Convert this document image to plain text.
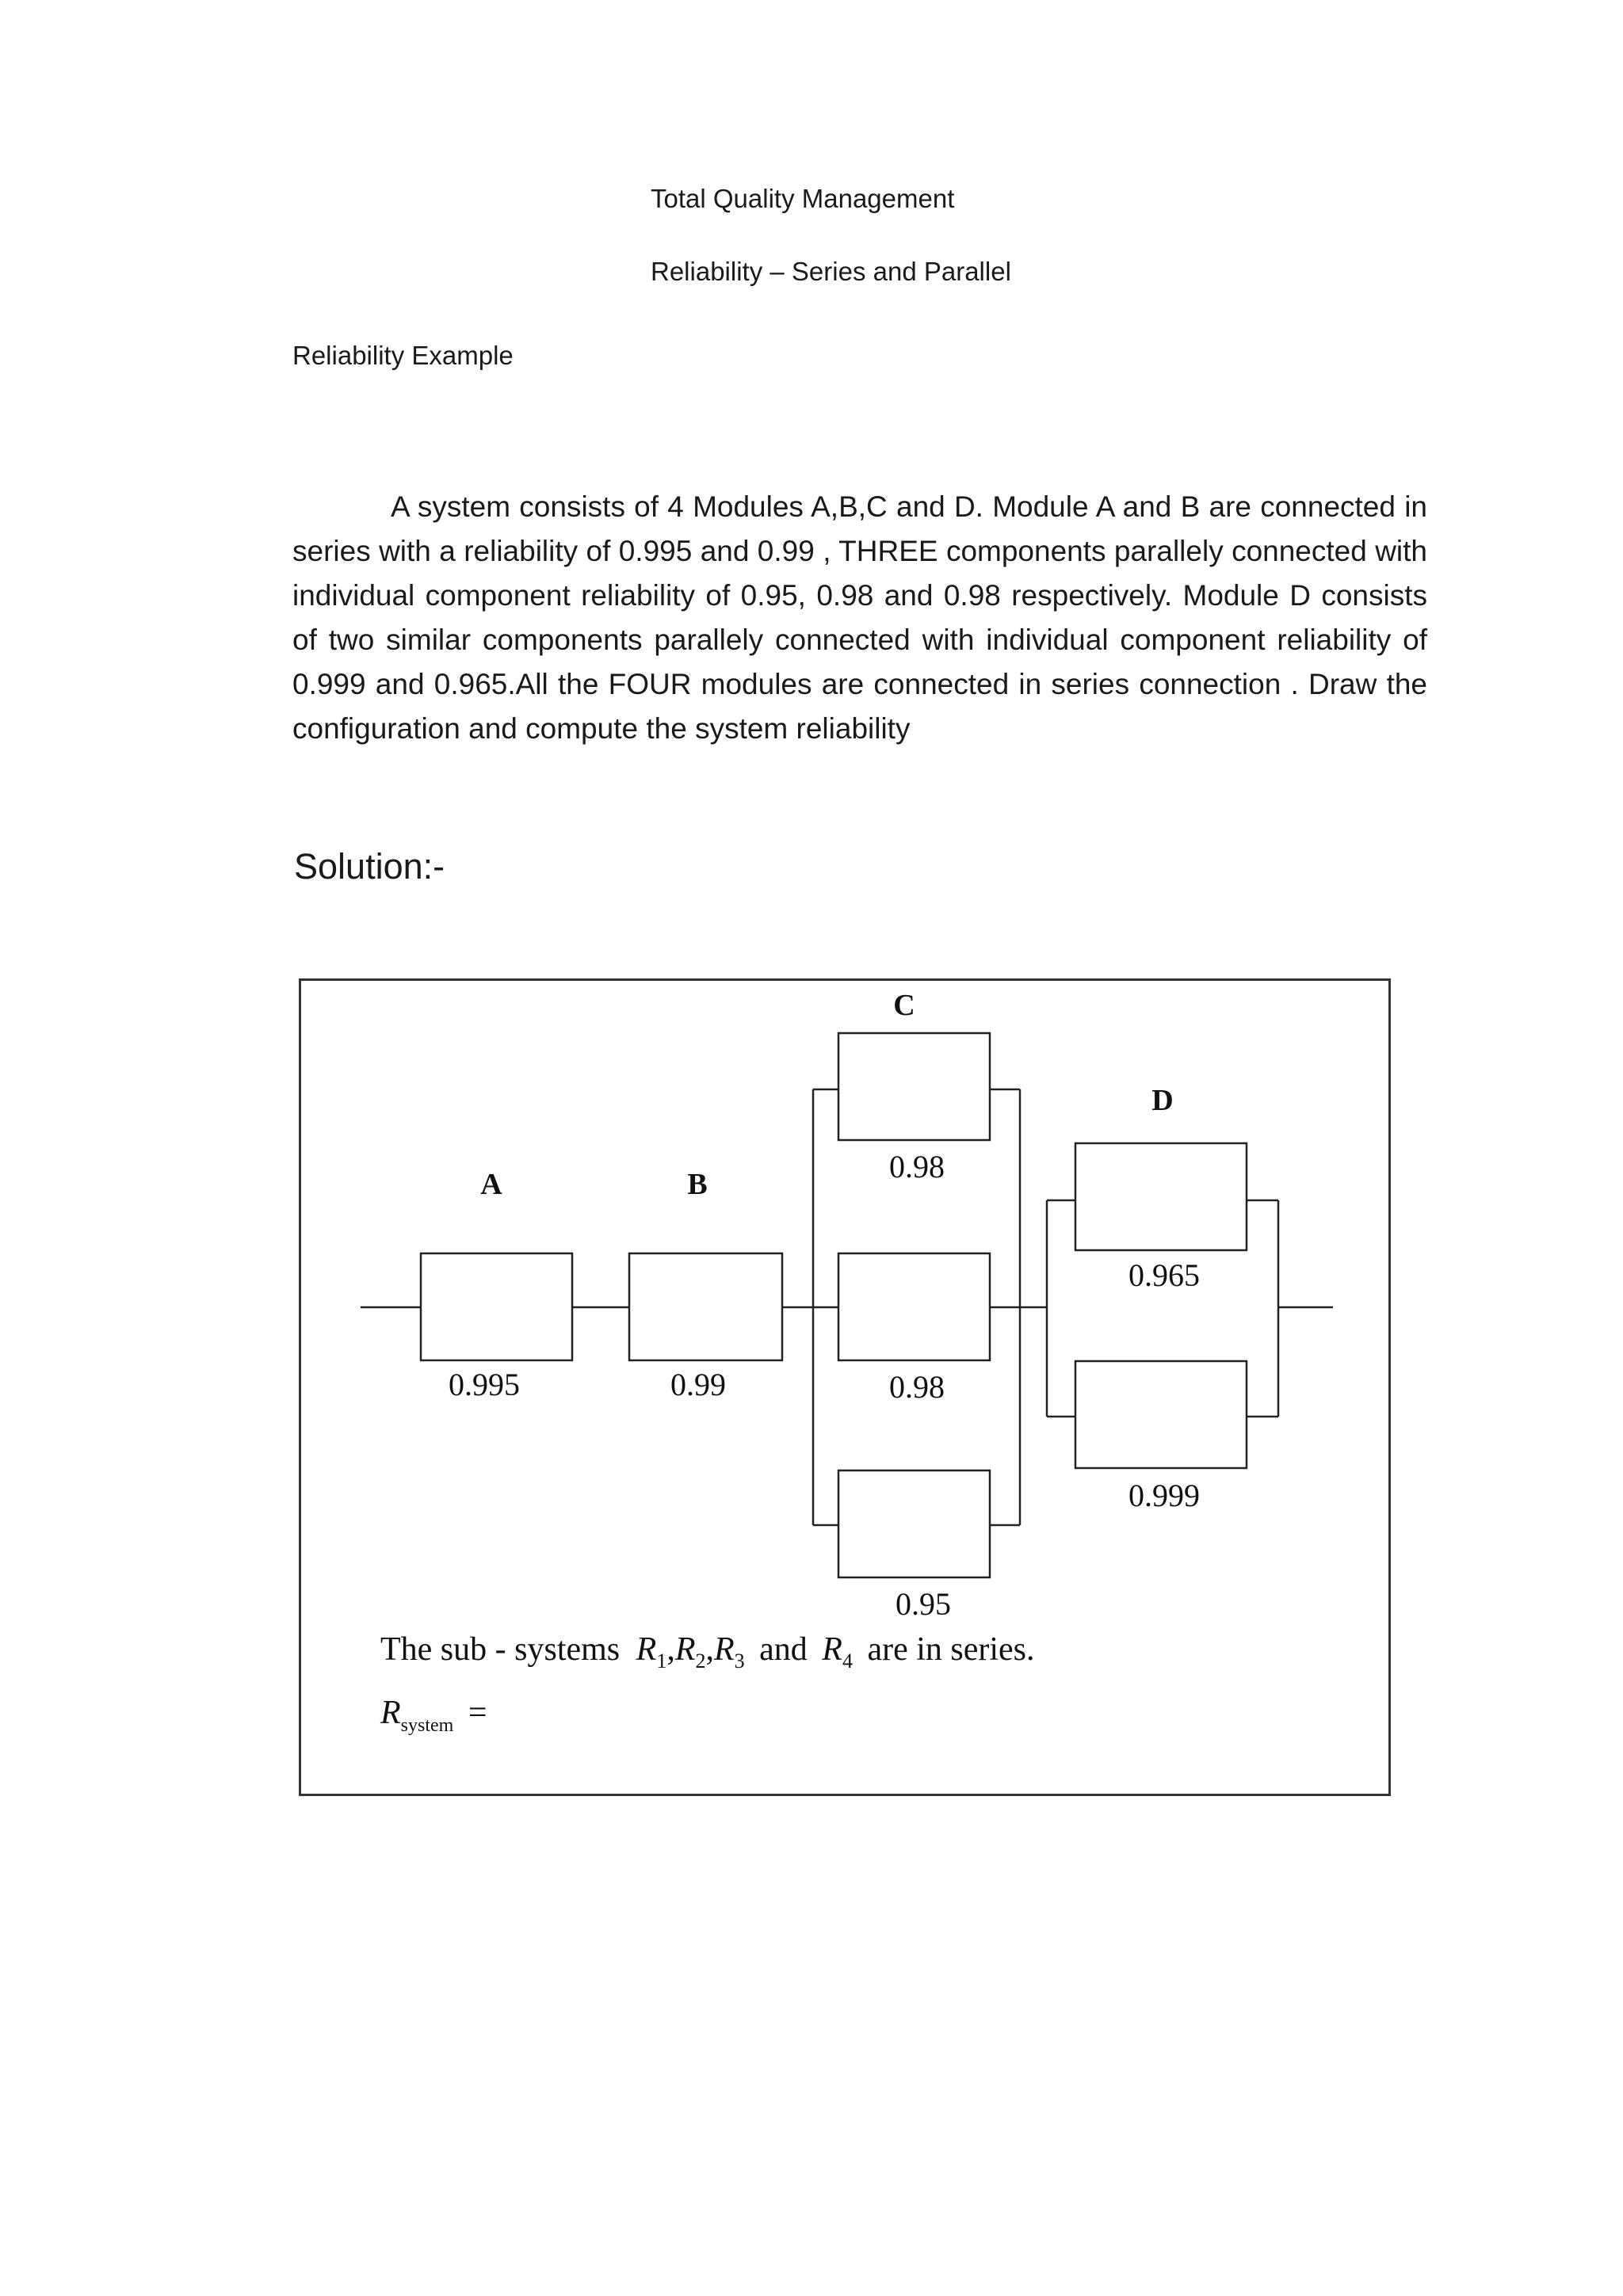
Total Quality Management
Reliability – Series and Parallel
Reliability Example

A system consists of 4 Modules A,B,C and D. Module A and B are connected in series with a reliability of 0.995 and 0.99 , THREE components parallely connected with individual component reliability of 0.95, 0.98 and 0.98 respectively. Module D consists of two similar components parallely connected with individual component reliability of 0.999 and 0.965.All the FOUR modules are connected in series connection . Draw the configuration and compute the system reliability

Solution:-
A	B
C
D
0.995	0.99
0.98
0.98
0.95
0.965
0.999
The sub - systems $R_1,R_2,R_3$ and $R_4$ are in series.
$R_{system}$ =
